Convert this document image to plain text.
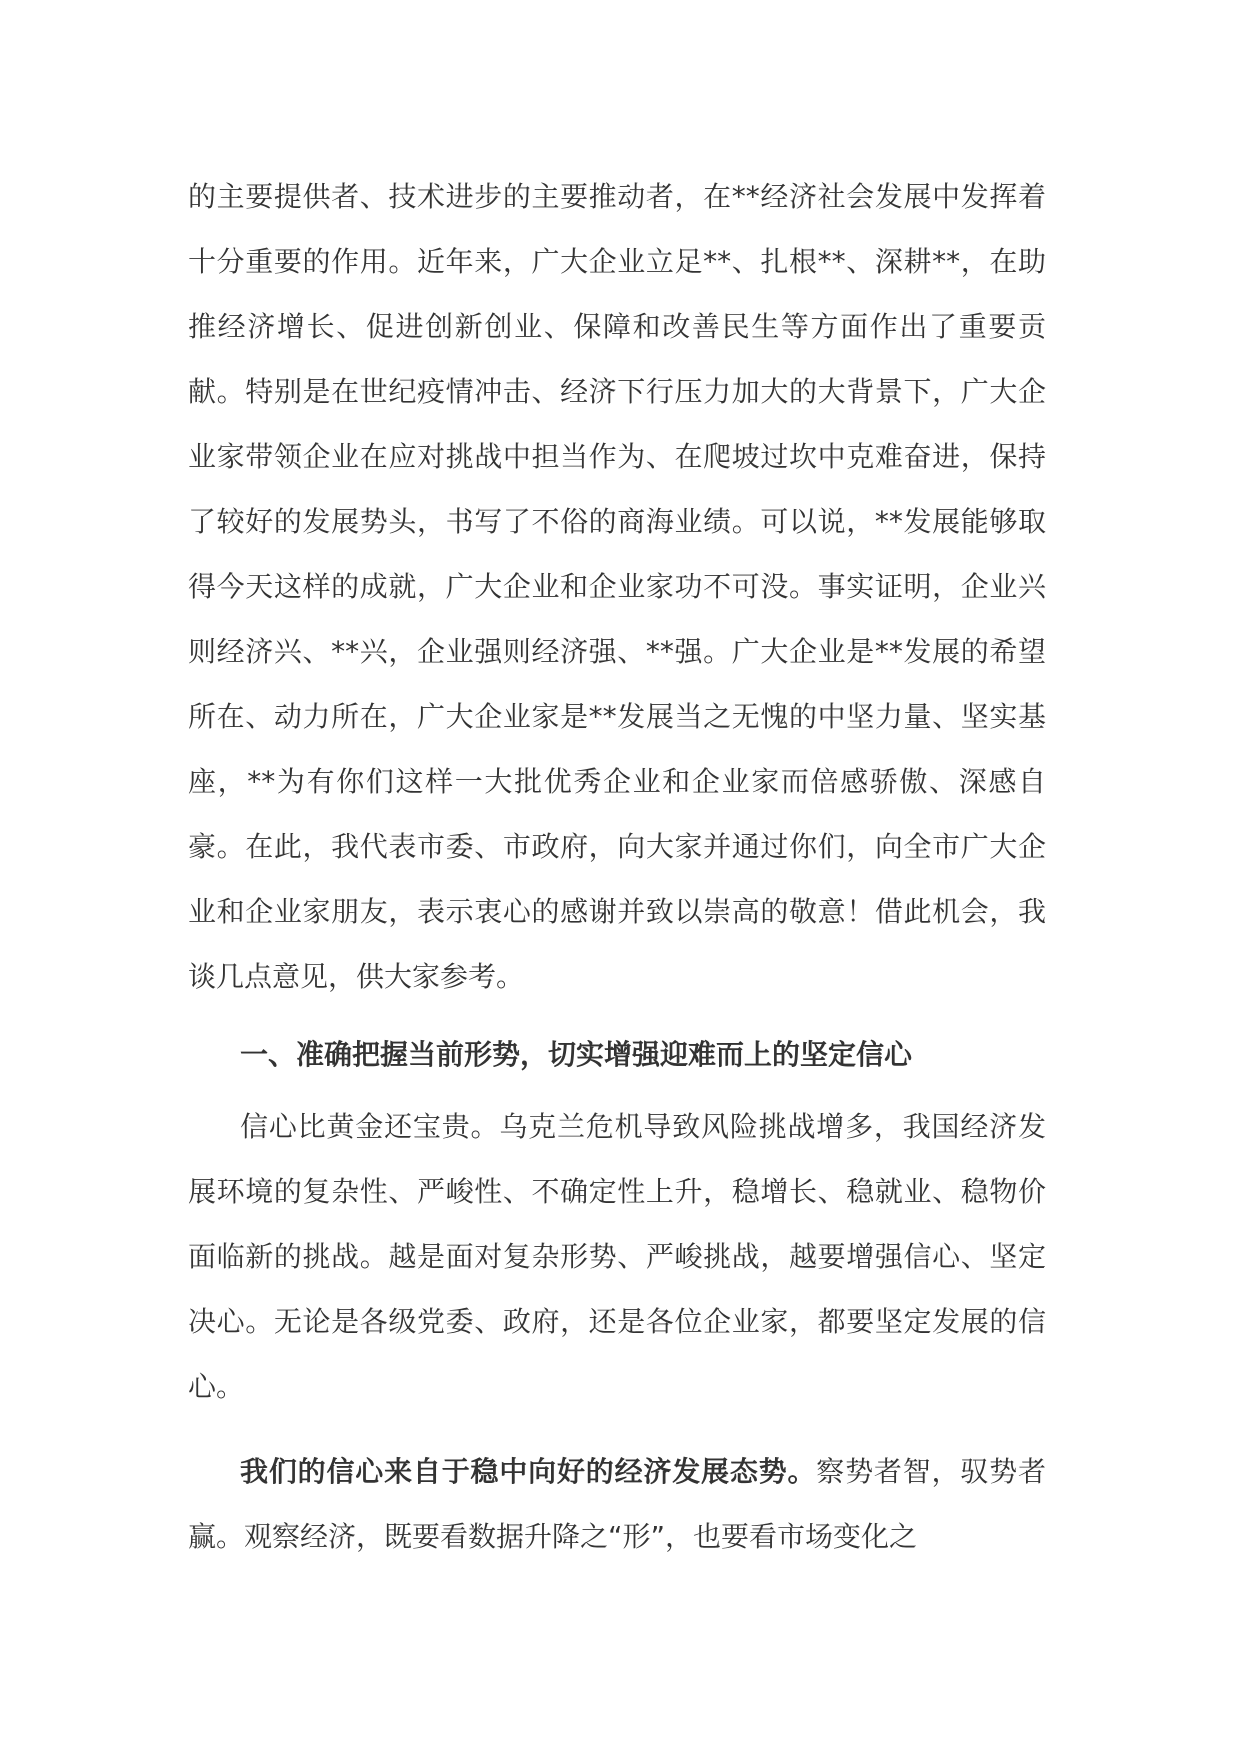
的主要提供者、技术进步的主要推动者，在**经济社会发展中发挥着十分重要的作用。近年来，广大企业立足**、扎根**、深耕**，在助推经济增长、促进创新创业、保障和改善民生等方面作出了重要贡献。特别是在世纪疫情冲击、经济下行压力加大的大背景下，广大企业家带领企业在应对挑战中担当作为、在爬坡过坎中克难奋进，保持了较好的发展势头，书写了不俗的商海业绩。可以说，**发展能够取得今天这样的成就，广大企业和企业家功不可没。事实证明，企业兴则经济兴、**兴，企业强则经济强、**强。广大企业是**发展的希望所在、动力所在，广大企业家是**发展当之无愧的中坚力量、坚实基座，**为有你们这样一大批优秀企业和企业家而倍感骄傲、深感自豪。在此，我代表市委、市政府，向大家并通过你们，向全市广大企业和企业家朋友，表示衷心的感谢并致以崇高的敬意！借此机会，我谈几点意见，供大家参考。

一、准确把握当前形势，切实增强迎难而上的坚定信心

信心比黄金还宝贵。乌克兰危机导致风险挑战增多，我国经济发展环境的复杂性、严峻性、不确定性上升，稳增长、稳就业、稳物价面临新的挑战。越是面对复杂形势、严峻挑战，越要增强信心、坚定决心。无论是各级党委、政府，还是各位企业家，都要坚定发展的信心。

我们的信心来自于稳中向好的经济发展态势。察势者智，驭势者赢。观察经济，既要看数据升降之“形”，也要看市场变化之
